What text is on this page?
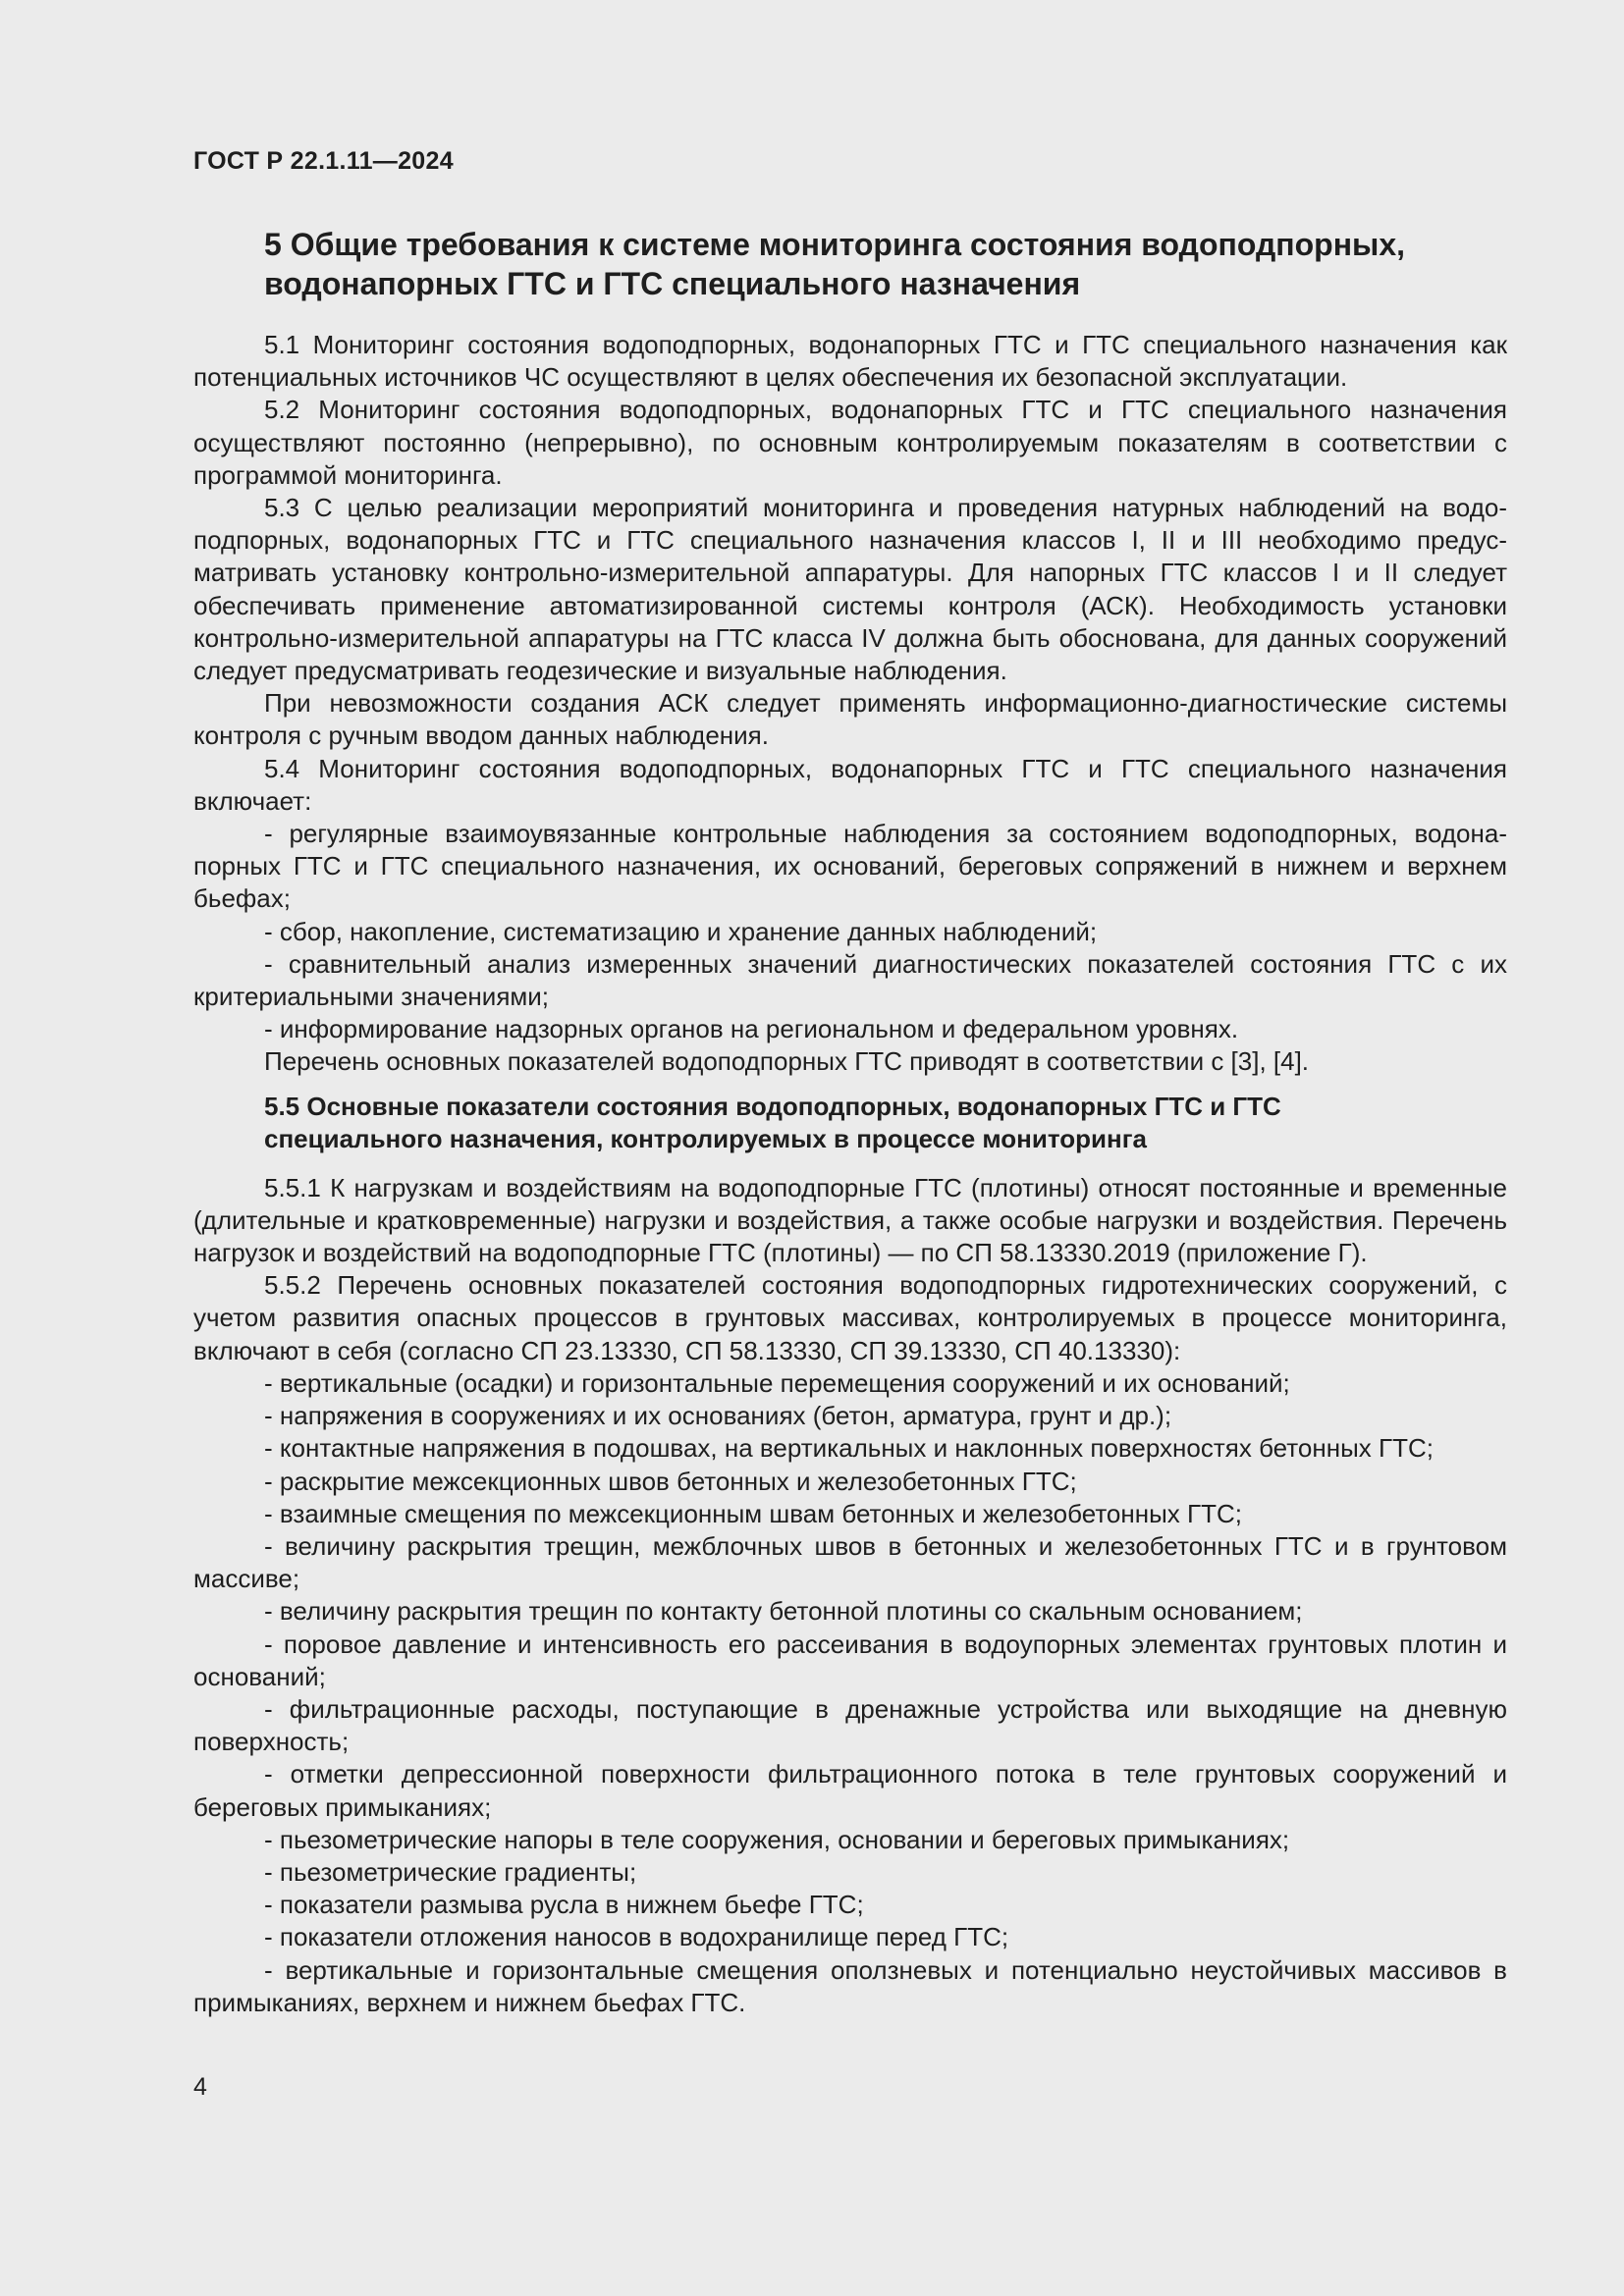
ГОСТ Р 22.1.11—2024
5 Общие требования к системе мониторинга состояния водоподпорных,
водонапорных ГТС и ГТС специального назначения

5.1 Мониторинг состояния водоподпорных, водонапорных ГТС и ГТС специального назначения как потенциальных источников ЧС осуществляют в целях обеспечения их безопасной эксплуатации.

5.2 Мониторинг состояния водоподпорных, водонапорных ГТС и ГТС специального назначения осуществляют постоянно (непрерывно), по основным контролируемым показателям в соответствии с программой мониторинга.

5.3 С целью реализации мероприятий мониторинга и проведения натурных наблюдений на водоподпорных, водонапорных ГТС и ГТС специального назначения классов I, II и III необходимо предусматривать установку контрольно-измерительной аппаратуры. Для напорных ГТС классов I и II следует обеспечивать применение автоматизированной системы контроля (АСК). Необходимость установки контрольно-измерительной аппаратуры на ГТС класса IV должна быть обоснована, для данных сооружений следует предусматривать геодезические и визуальные наблюдения.

При невозможности создания АСК следует применять информационно-диагностические системы контроля с ручным вводом данных наблюдения.

5.4 Мониторинг состояния водоподпорных, водонапорных ГТС и ГТС специального назначения включает:

- регулярные взаимоувязанные контрольные наблюдения за состоянием водоподпорных, водонапорных ГТС и ГТС специального назначения, их оснований, береговых сопряжений в нижнем и верхнем бьефах;

- сбор, накопление, систематизацию и хранение данных наблюдений;

- сравнительный анализ измеренных значений диагностических показателей состояния ГТС с их критериальными значениями;

- информирование надзорных органов на региональном и федеральном уровнях.

Перечень основных показателей водоподпорных ГТС приводят в соответствии с [3], [4].

5.5 Основные показатели состояния водоподпорных, водонапорных ГТС и ГТС
специального назначения, контролируемых в процессе мониторинга

5.5.1 К нагрузкам и воздействиям на водоподпорные ГТС (плотины) относят постоянные и временные (длительные и кратковременные) нагрузки и воздействия, а также особые нагрузки и воздействия. Перечень нагрузок и воздействий на водоподпорные ГТС (плотины) — по СП 58.13330.2019 (приложение Г).

5.5.2 Перечень основных показателей состояния водоподпорных гидротехнических сооружений, с учетом развития опасных процессов в грунтовых массивах, контролируемых в процессе мониторинга, включают в себя (согласно СП 23.13330, СП 58.13330, СП 39.13330, СП 40.13330):

- вертикальные (осадки) и горизонтальные перемещения сооружений и их оснований;

- напряжения в сооружениях и их основаниях (бетон, арматура, грунт и др.);

- контактные напряжения в подошвах, на вертикальных и наклонных поверхностях бетонных ГТС;

- раскрытие межсекционных швов бетонных и железобетонных ГТС;

- взаимные смещения по межсекционным швам бетонных и железобетонных ГТС;

- величину раскрытия трещин, межблочных швов в бетонных и железобетонных ГТС и в грунтовом массиве;

- величину раскрытия трещин по контакту бетонной плотины со скальным основанием;

- поровое давление и интенсивность его рассеивания в водоупорных элементах грунтовых плотин и оснований;

- фильтрационные расходы, поступающие в дренажные устройства или выходящие на дневную поверхность;

- отметки депрессионной поверхности фильтрационного потока в теле грунтовых сооружений и береговых примыканиях;

- пьезометрические напоры в теле сооружения, основании и береговых примыканиях;

- пьезометрические градиенты;

- показатели размыва русла в нижнем бьефе ГТС;

- показатели отложения наносов в водохранилище перед ГТС;

- вертикальные и горизонтальные смещения оползневых и потенциально неустойчивых массивов в примыканиях, верхнем и нижнем бьефах ГТС.

4
